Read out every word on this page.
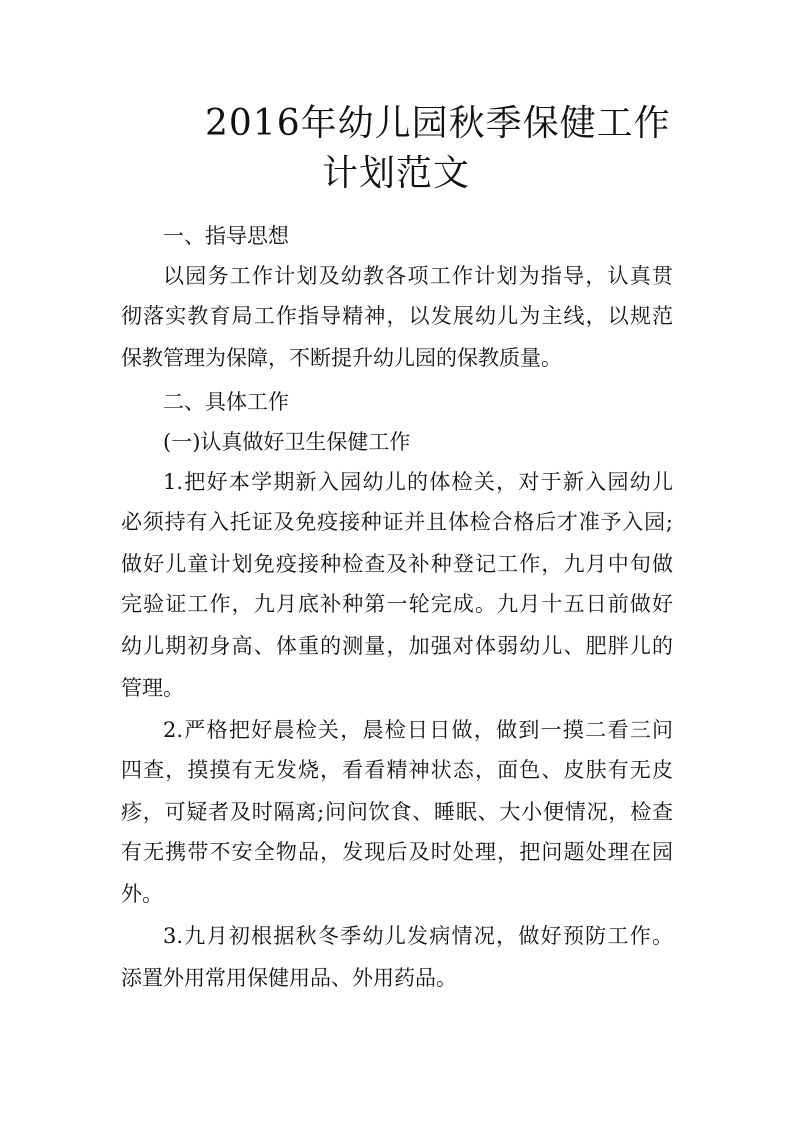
2016年幼儿园秋季保健工作
计划范文
一、指导思想
以园务工作计划及幼教各项工作计划为指导，认真贯
彻落实教育局工作指导精神，以发展幼儿为主线，以规范
保教管理为保障，不断提升幼儿园的保教质量。
二、具体工作
(一)认真做好卫生保健工作
1.把好本学期新入园幼儿的体检关，对于新入园幼儿
必须持有入托证及免疫接种证并且体检合格后才准予入园;
做好儿童计划免疫接种检查及补种登记工作，九月中旬做
完验证工作，九月底补种第一轮完成。九月十五日前做好
幼儿期初身高、体重的测量，加强对体弱幼儿、肥胖儿的
管理。
2.严格把好晨检关，晨检日日做，做到一摸二看三问
四查，摸摸有无发烧，看看精神状态，面色、皮肤有无皮
疹，可疑者及时隔离;问问饮食、睡眠、大小便情况，检查
有无携带不安全物品，发现后及时处理，把问题处理在园
外。
3.九月初根据秋冬季幼儿发病情况，做好预防工作。
添置外用常用保健用品、外用药品。
